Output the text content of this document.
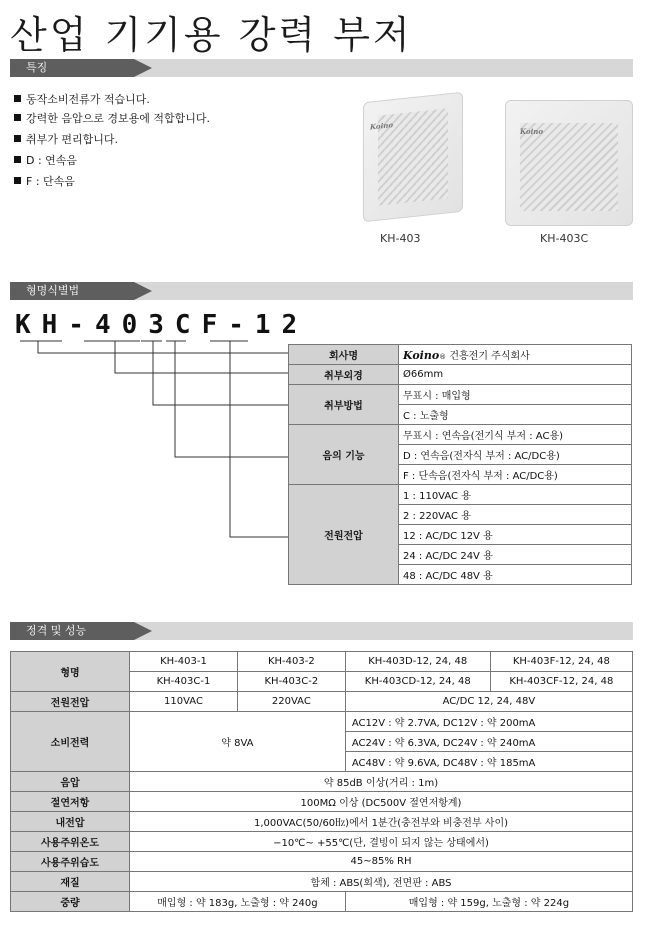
산업 기기용 강력 부저
특징
동작소비전류가 적습니다.
강력한 음압으로 경보용에 적합합니다.
취부가 편리합니다.
D : 연속음
F : 단속음
Koino
KH-403
Koino
KH-403C
형명식별법
KH-403CF-12
회사명	Koino® 건흥전기 주식회사
취부외경	Ø66mm
취부방법	무표시 : 매입형
	C : 노출형
음의 기능	무표시 : 연속음(전기식 부저 : AC용)
	D : 연속음(전자식 부저 : AC/DC용)
	F : 단속음(전자식 부저 : AC/DC용)
전원전압	1 : 110VAC 용
	2 : 220VAC 용
	12 : AC/DC 12V 용
	24 : AC/DC 24V 용
	48 : AC/DC 48V 용
정격 및 성능
형명	KH-403-1	KH-403-2	KH-403D-12, 24, 48	KH-403F-12, 24, 48
	KH-403C-1	KH-403C-2	KH-403CD-12, 24, 48	KH-403CF-12, 24, 48
전원전압	110VAC	220VAC	AC/DC 12, 24, 48V	
소비전력	약 8VA		AC12V : 약 2.7VA, DC12V : 약 200mA	
			AC24V : 약 6.3VA, DC24V : 약 240mA	
			AC48V : 약 9.6VA, DC48V : 약 185mA	
음압	약 85dB 이상(거리 : 1m)			
절연저항	100MΩ 이상 (DC500V 절연저항계)			
내전압	1,000VAC(50/60㎐)에서 1분간(충전부와 비충전부 사이)			
사용주위온도	−10℃~ +55℃(단, 결빙이 되지 않는 상태에서)			
사용주위습도	45~85% RH			
재질	함체 : ABS(회색), 전면판 : ABS			
중량	매입형 : 약 183g, 노출형 : 약 240g		매입형 : 약 159g, 노출형 : 약 224g	
